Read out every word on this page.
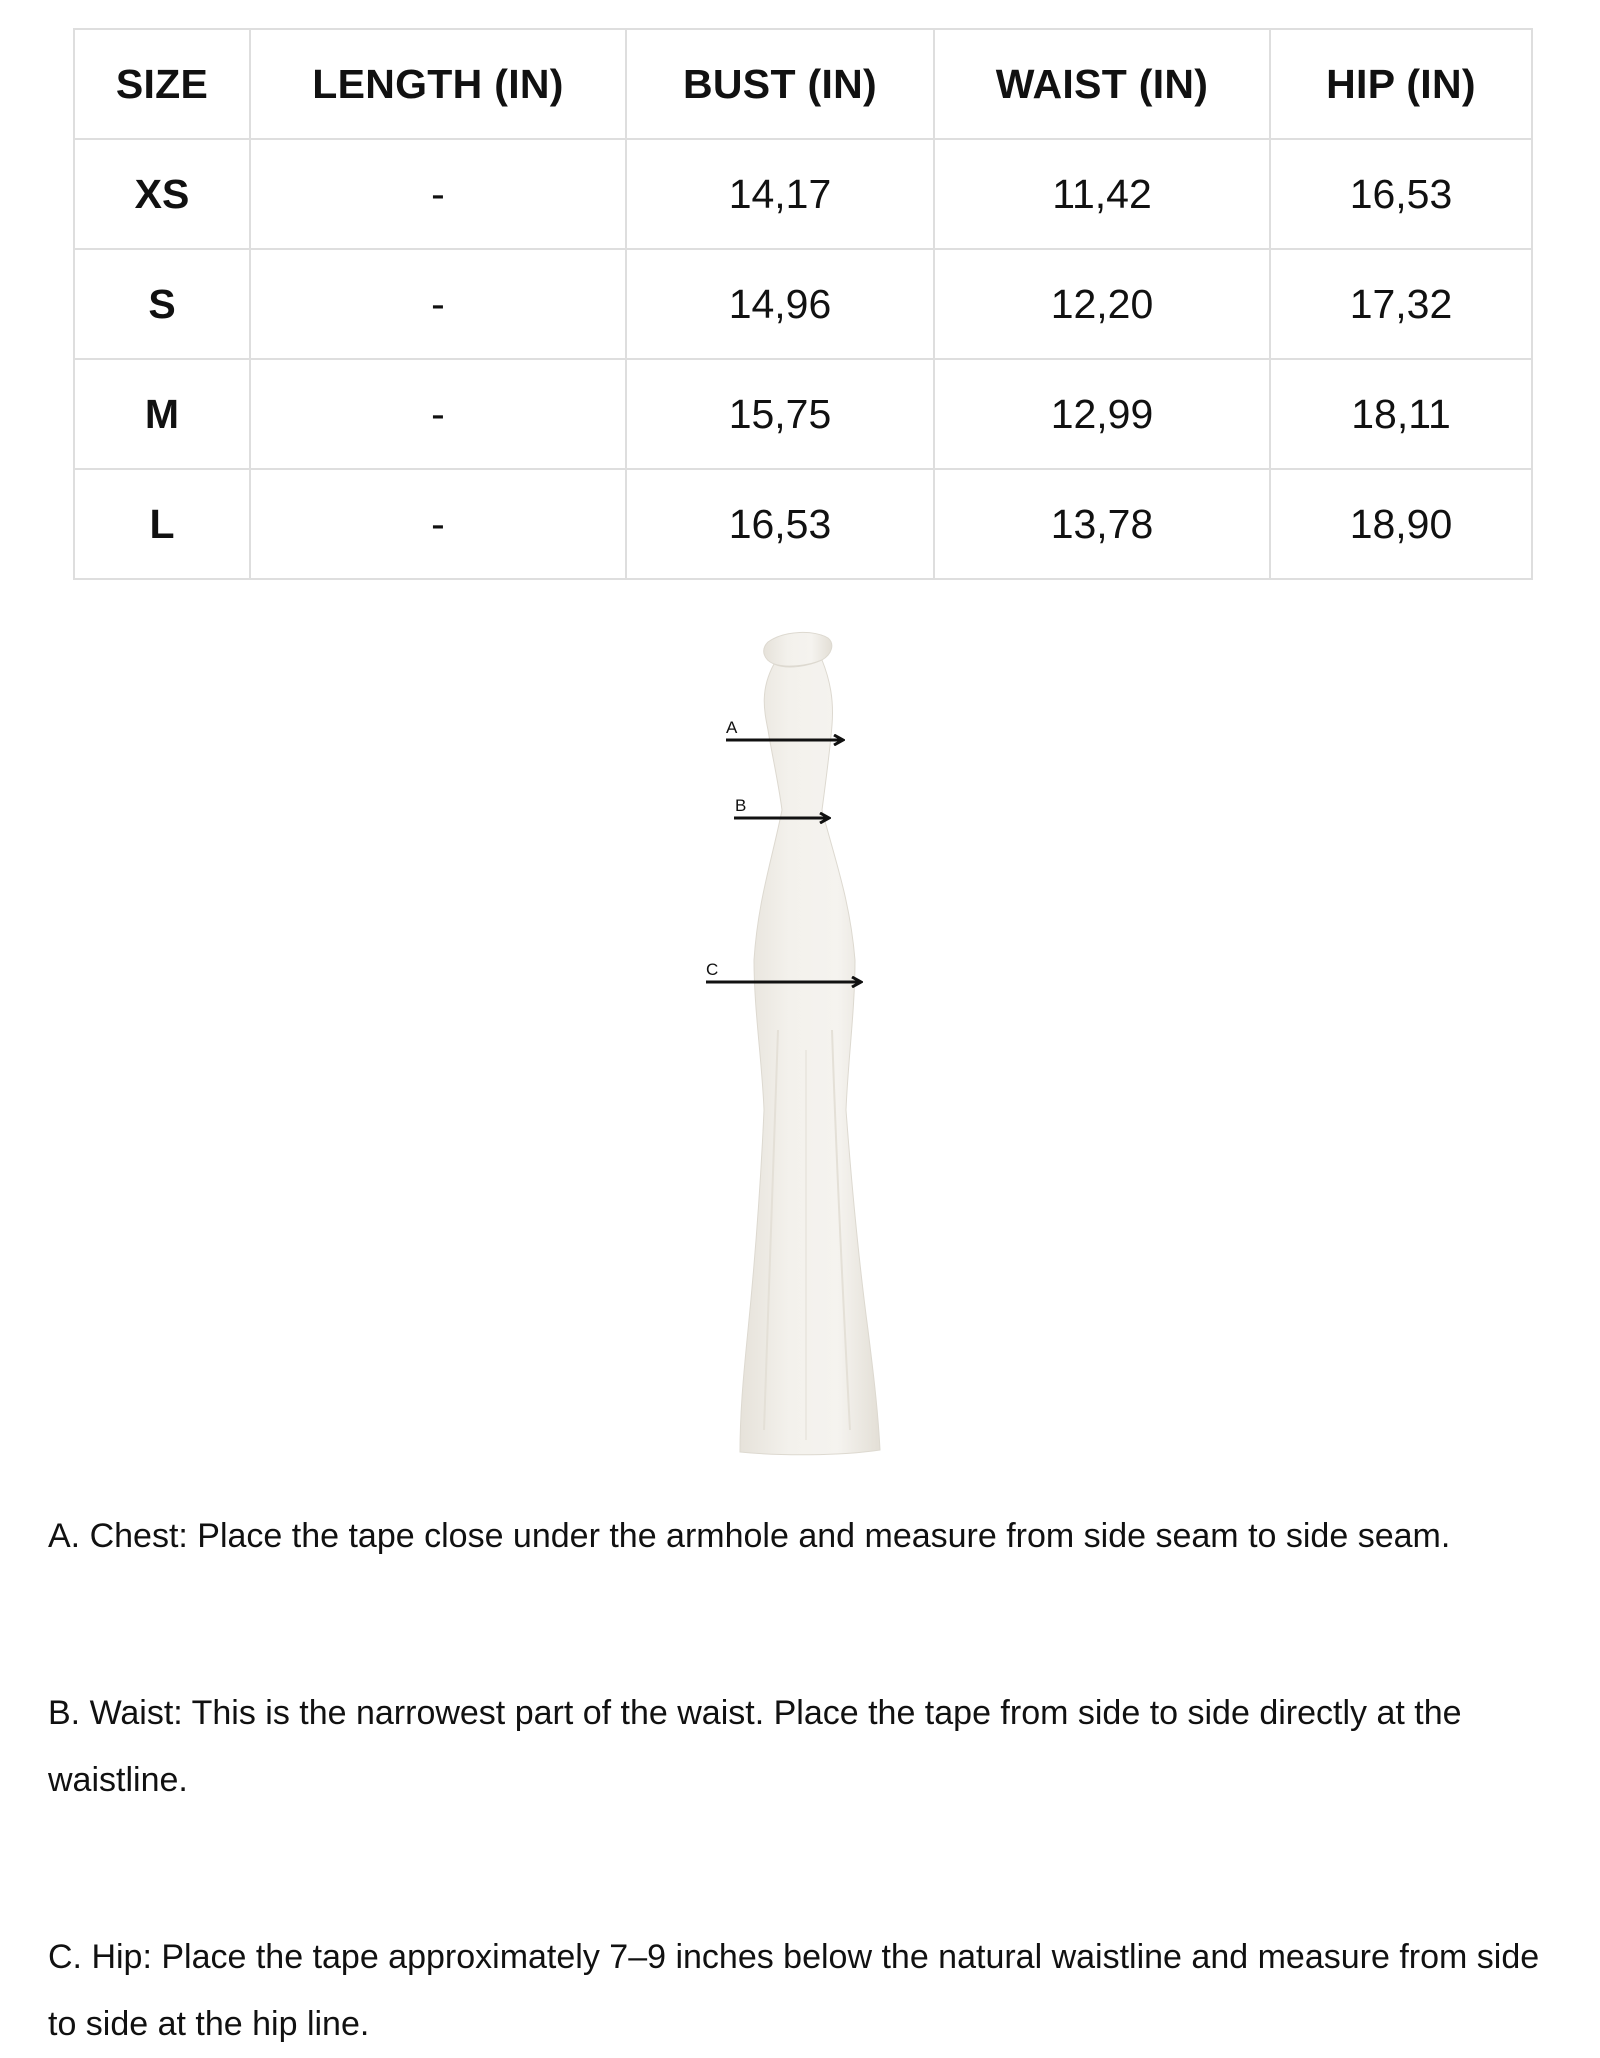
SIZE	LENGTH (IN)	BUST (IN)	WAIST (IN)	HIP (IN)
XS	-	14,17	11,42	16,53
S	-	14,96	12,20	17,32
M	-	15,75	12,99	18,11
L	-	16,53	13,78	18,90
A
B
C

A. Chest: Place the tape close under the armhole and measure from side seam to side seam.

B. Waist: This is the narrowest part of the waist. Place the tape from side to side directly at the waistline.

C. Hip: Place the tape approximately 7–9 inches below the natural waistline and measure from side to side at the hip line.
